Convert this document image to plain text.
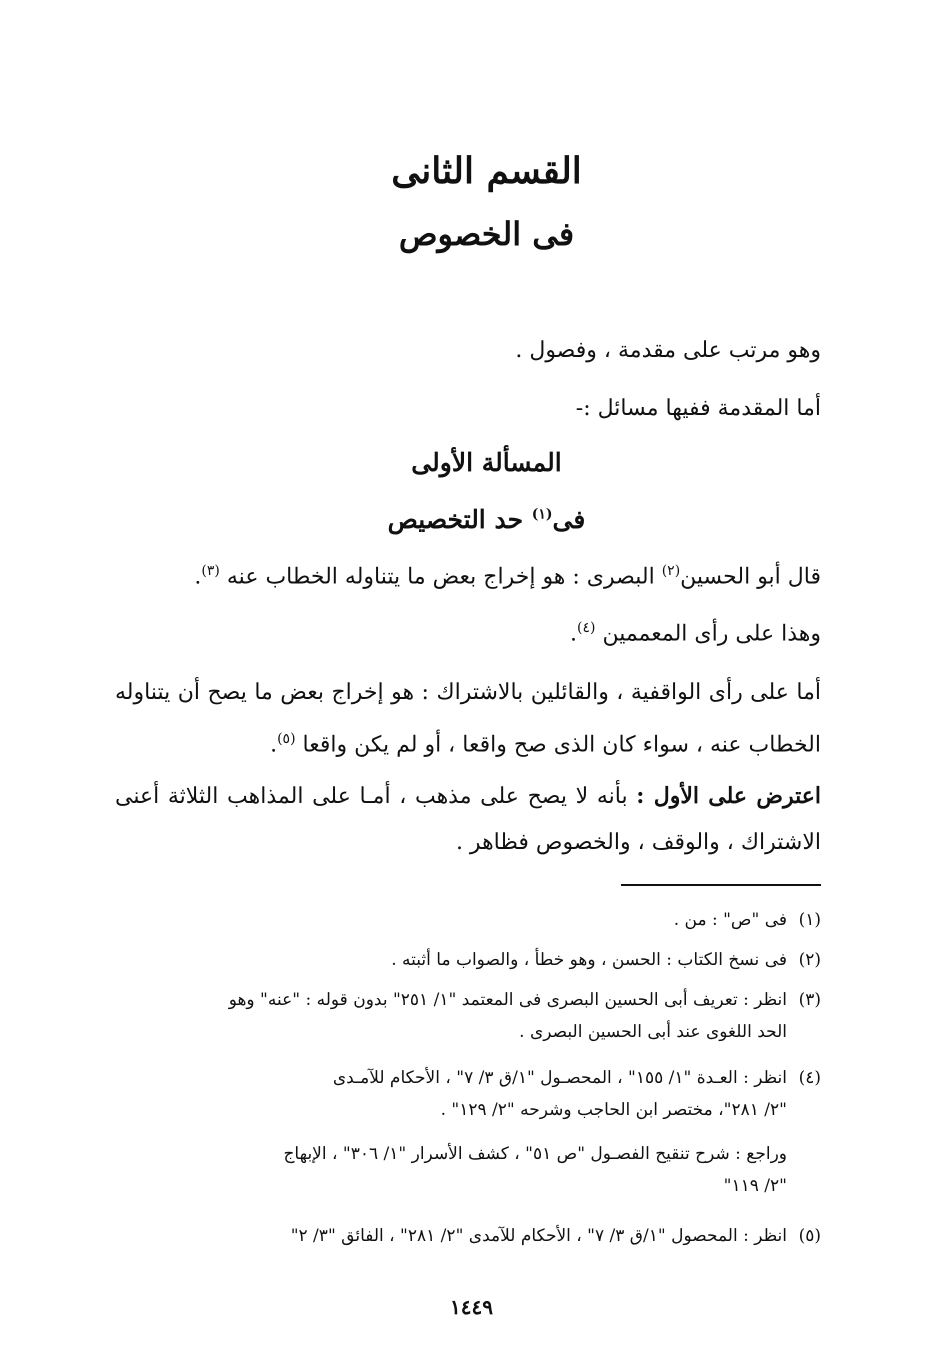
القسم الثانى
فى الخصوص
وهو مرتب على مقدمة ، وفصول .
أما المقدمة ففيها مسائل :-
المسألة الأولى
فى$^{(١)}$ حد التخصيص
قال أبو الحسين$^{(٢)}$ البصرى : هو إخراج بعض ما يتناوله الخطاب عنه $^{(٣)}$.
وهذا على رأى المعممين $^{(٤)}$.
أما على رأى الواقفية ، والقائلين بالاشتراك : هو إخراج بعض ما يصح أن يتناوله الخطاب عنه ، سواء كان الذى صح واقعا ، أو لم يكن واقعا $^{(٥)}$.
اعترض على الأول : بأنه لا يصح على مذهب ، أمـا على المذاهب الثلاثة أعنى الاشتراك ، والوقف ، والخصوص فظاهر .
(١)فى "ص" : من .
(٢)فى نسخ الكتاب : الحسن ، وهو خطأ ، والصواب ما أثبته .
(٣)انظر : تعريف أبى الحسين البصرى فى المعتمد "١/ ٢٥١" بدون قوله : "عنه" وهو
الحد اللغوى عند أبى الحسين البصرى .
(٤)انظر : العـدة "١/ ١٥٥" ، المحصـول "١/ق ٣/ ٧" ، الأحكام للآمـدى
"٢/ ٢٨١"، مختصر ابن الحاجب وشرحه "٢/ ١٢٩" .
وراجع : شرح تنقيح الفصـول "ص ٥١" ، كشف الأسرار "١/ ٣٠٦" ، الإبهاج
"٢/ ١١٩"
(٥)انظر : المحصول "١/ق ٣/ ٧" ، الأحكام للآمدى "٢/ ٢٨١" ، الفائق "٣/ ٢"
١٤٤٩
